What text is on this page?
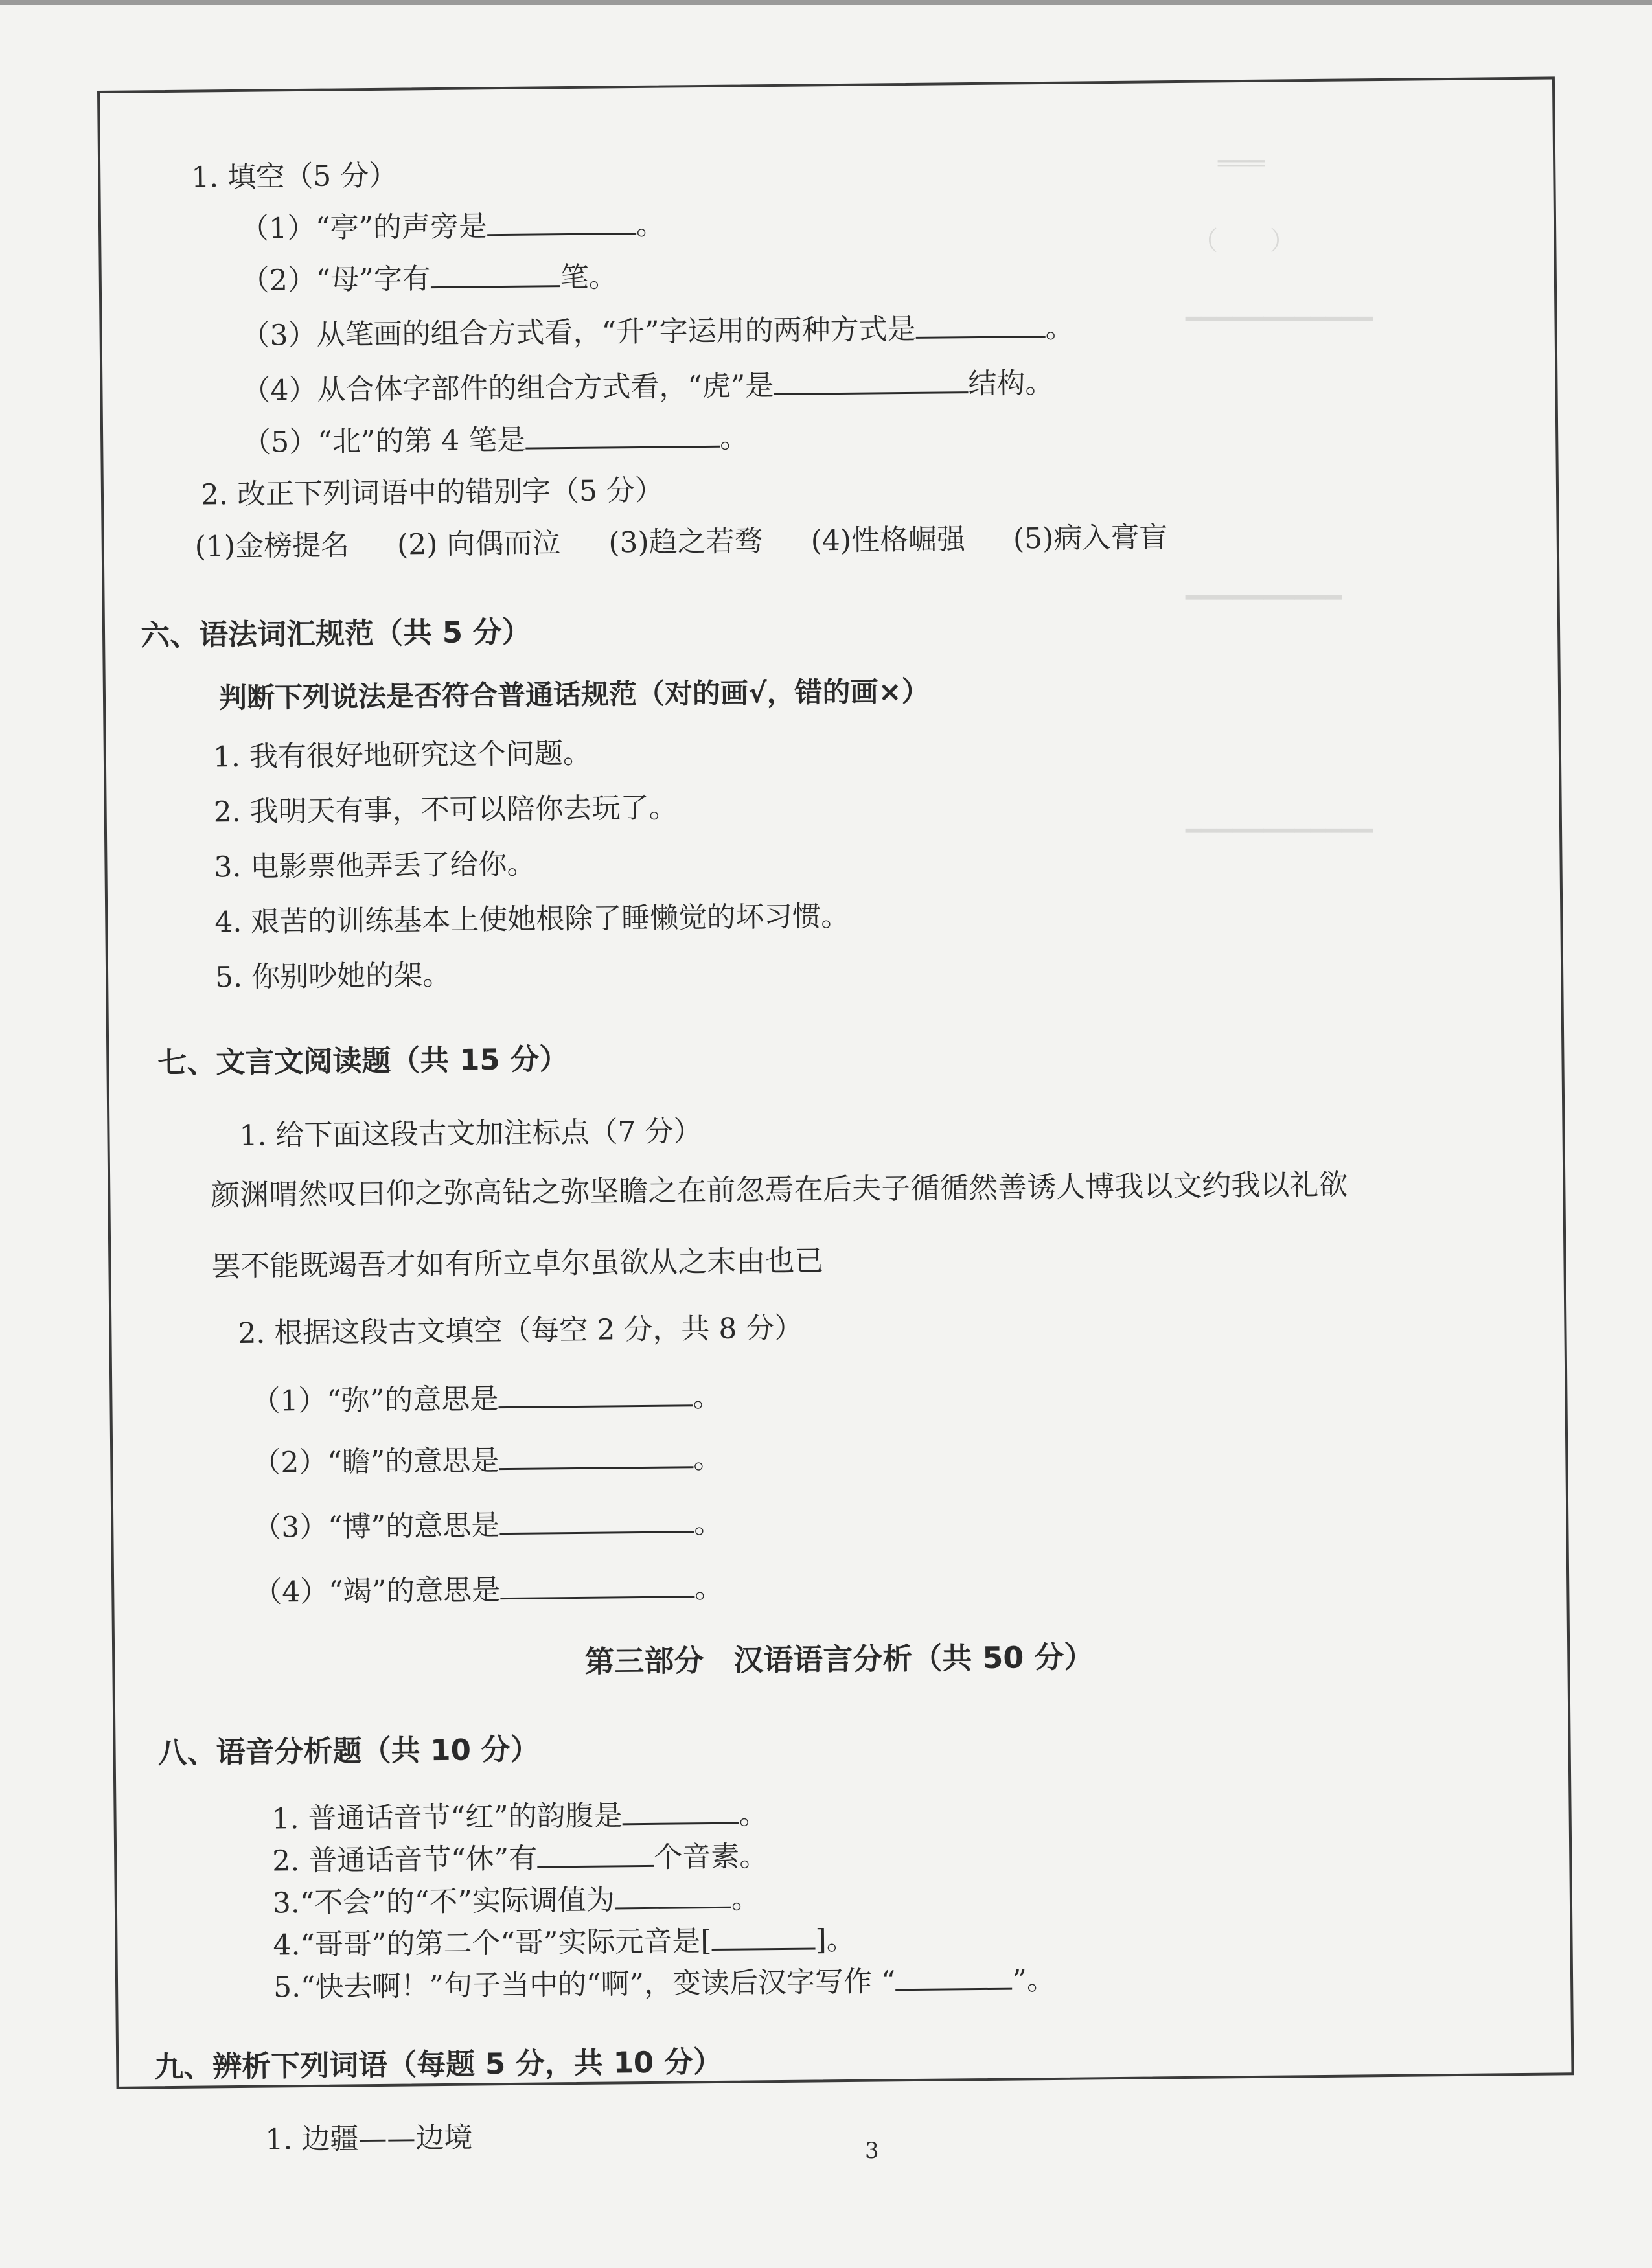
═══
（　　）
━━━━━━━━━━━━
━━━━━━━━━━
━━━━━━━━━━━━
1. 填空（5 分）
（1）“亭”的声旁是	。
（2）“母”字有	笔。
（3）从笔画的组合方式看，“升”字运用的两种方式是	。
（4）从合体字部件的组合方式看，“虎”是	结构。
（5）“北”的第 4 笔是	。
2. 改正下列词语中的错别字（5 分）
(1)金榜提名 (2) 向偶而泣 (3)趋之若骛 (4)性格崛强 (5)病入膏盲
六、语法词汇规范（共 5 分）
判断下列说法是否符合普通话规范（对的画√，错的画×）
1. 我有很好地研究这个问题。
2. 我明天有事，不可以陪你去玩了。
3. 电影票他弄丢了给你。
4. 艰苦的训练基本上使她根除了睡懒觉的坏习惯。
5. 你别吵她的架。
七、文言文阅读题（共 15 分）
1. 给下面这段古文加注标点（7 分）
颜渊喟然叹曰仰之弥高钻之弥坚瞻之在前忽焉在后夫子循循然善诱人博我以文约我以礼欲
罢不能既竭吾才如有所立卓尔虽欲从之末由也已
2. 根据这段古文填空（每空 2 分，共 8 分）
（1）“弥”的意思是	。
（2）“瞻”的意思是	。
（3）“博”的意思是	。
（4）“竭”的意思是	。
第三部分　汉语语言分析（共 50 分）
八、语音分析题（共 10 分）
1. 普通话音节“红”的韵腹是	。
2. 普通话音节“休”有	个音素。
3.“不会”的“不”实际调值为	。
4.“哥哥”的第二个“哥”实际元音是[	]。
5.“快去啊！”句子当中的“啊”，变读后汉字写作 “	”。
九、辨析下列词语（每题 5 分，共 10 分）
1. 边疆——边境	3
